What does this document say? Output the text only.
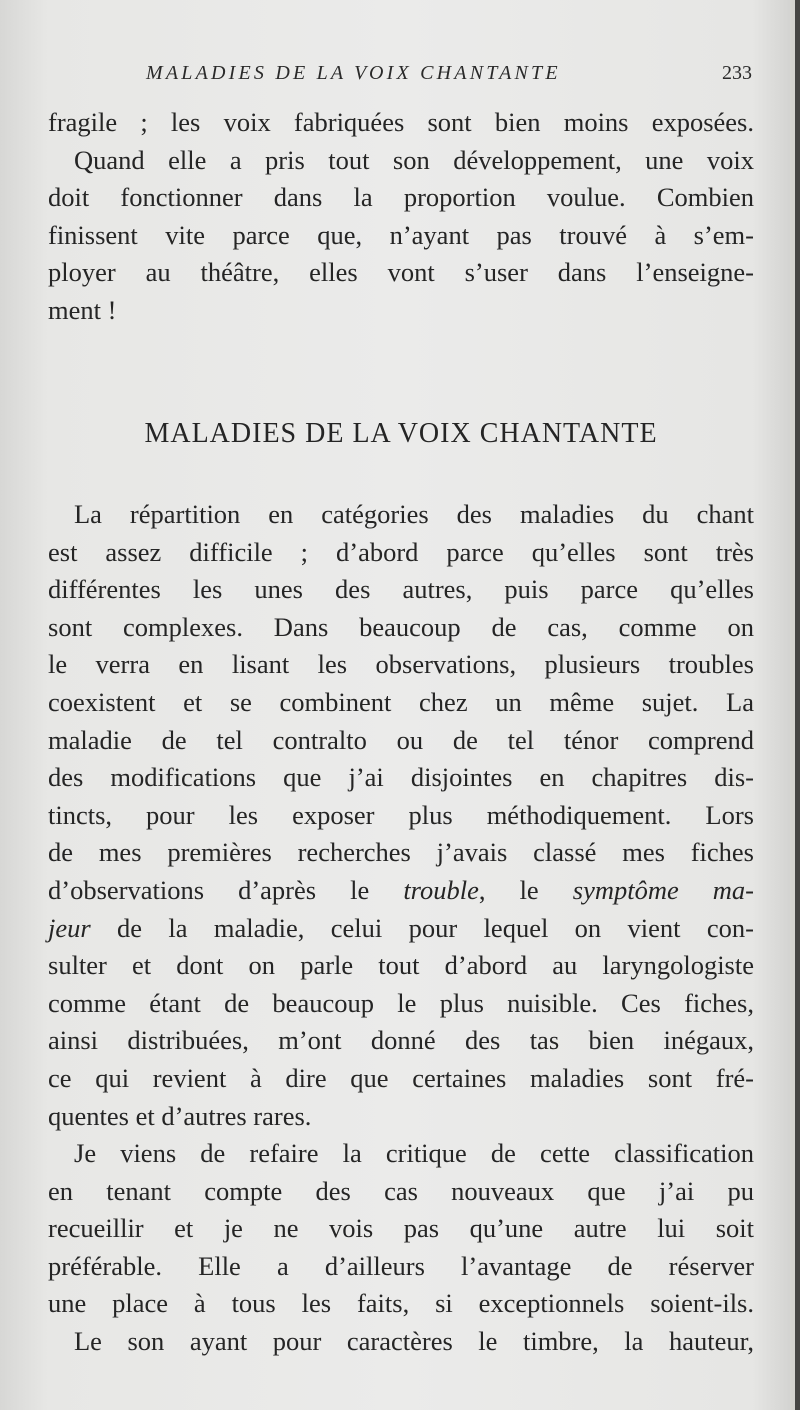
MALADIES DE LA VOIX CHANTANTE	233
fragile ; les voix fabriquées sont bien moins exposées.
Quand elle a pris tout son développement, une voix
doit fonctionner dans la proportion voulue. Combien
finissent vite parce que, n’ayant pas trouvé à s’em-
ployer au théâtre, elles vont s’user dans l’enseigne-
ment !
MALADIES DE LA VOIX CHANTANTE
La répartition en catégories des maladies du chant
est assez difficile ; d’abord parce qu’elles sont très
différentes les unes des autres, puis parce qu’elles
sont complexes. Dans beaucoup de cas, comme on
le verra en lisant les observations, plusieurs troubles
coexistent et se combinent chez un même sujet. La
maladie de tel contralto ou de tel ténor comprend
des modifications que j’ai disjointes en chapitres dis-
tincts, pour les exposer plus méthodiquement. Lors
de mes premières recherches j’avais classé mes fiches
d’observations d’après le trouble, le symptôme ma-
jeur de la maladie, celui pour lequel on vient con-
sulter et dont on parle tout d’abord au laryngologiste
comme étant de beaucoup le plus nuisible. Ces fiches,
ainsi distribuées, m’ont donné des tas bien inégaux,
ce qui revient à dire que certaines maladies sont fré-
quentes et d’autres rares.
Je viens de refaire la critique de cette classification
en tenant compte des cas nouveaux que j’ai pu
recueillir et je ne vois pas qu’une autre lui soit
préférable. Elle a d’ailleurs l’avantage de réserver
une place à tous les faits, si exceptionnels soient-ils.
Le son ayant pour caractères le timbre, la hauteur,
